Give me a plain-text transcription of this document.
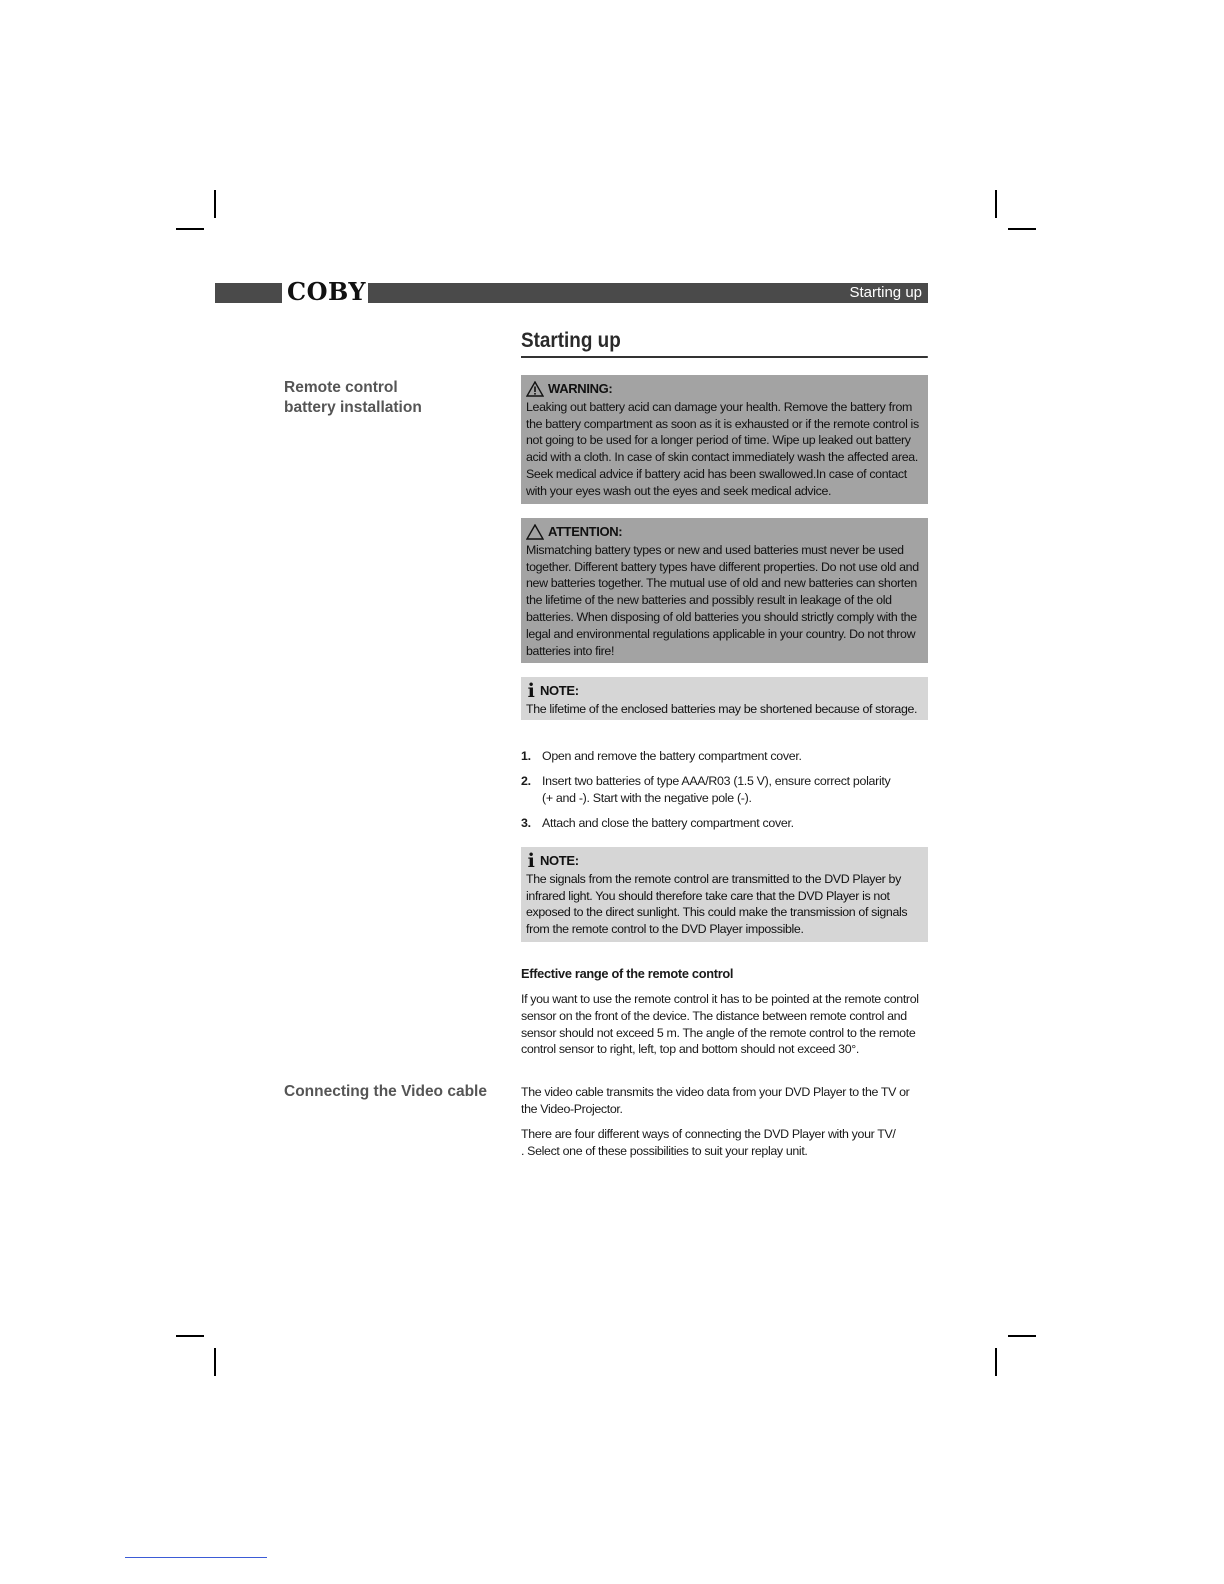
COBY	Starting up
Starting up
Remote control
battery installation
Connecting the Video cable
WARNING:
Leaking out battery acid can damage your health. Remove the battery from the battery compartment as soon as it is exhausted or if the remote control is not going to be used for a longer period of time. Wipe up leaked out battery acid with a cloth. In case of skin contact immediately wash the affected area. Seek medical advice if battery acid has been swallowed.In case of contact with your eyes wash out the eyes and seek medical advice.
ATTENTION:
Mismatching battery types or new and used batteries must never be used together. Different battery types have different properties. Do not use old and new batteries together. The mutual use of old and new batteries can shorten the lifetime of the new batteries and possibly result in leakage of the old batteries. When disposing of old batteries you should strictly comply with the legal and environmental regulations applicable in your country. Do not throw batteries into fire!
i NOTE:
The lifetime of the enclosed batteries may be shortened because of storage.
1. Open and remove the battery compartment cover.
2. Insert two batteries of type AAA/R03 (1.5 V), ensure correct polarity (+ and -). Start with the negative pole (-).
3. Attach and close the battery compartment cover.
i NOTE:
The signals from the remote control are transmitted to the DVD Player by infrared light. You should therefore take care that the DVD Player is not exposed to the direct sunlight. This could make the transmission of signals from the remote control to the DVD Player impossible.
Effective range of the remote control

If you want to use the remote control it has to be pointed at the remote control sensor on the front of the device. The distance between remote control and sensor should not exceed 5 m. The angle of the remote control to the remote control sensor to right, left, top and bottom should not exceed 30°.

The video cable transmits the video data from your DVD Player to the TV or the Video-Projector.

There are four different ways of connecting the DVD Player with your TV/                . Select one of these possibilities to suit your replay unit.
